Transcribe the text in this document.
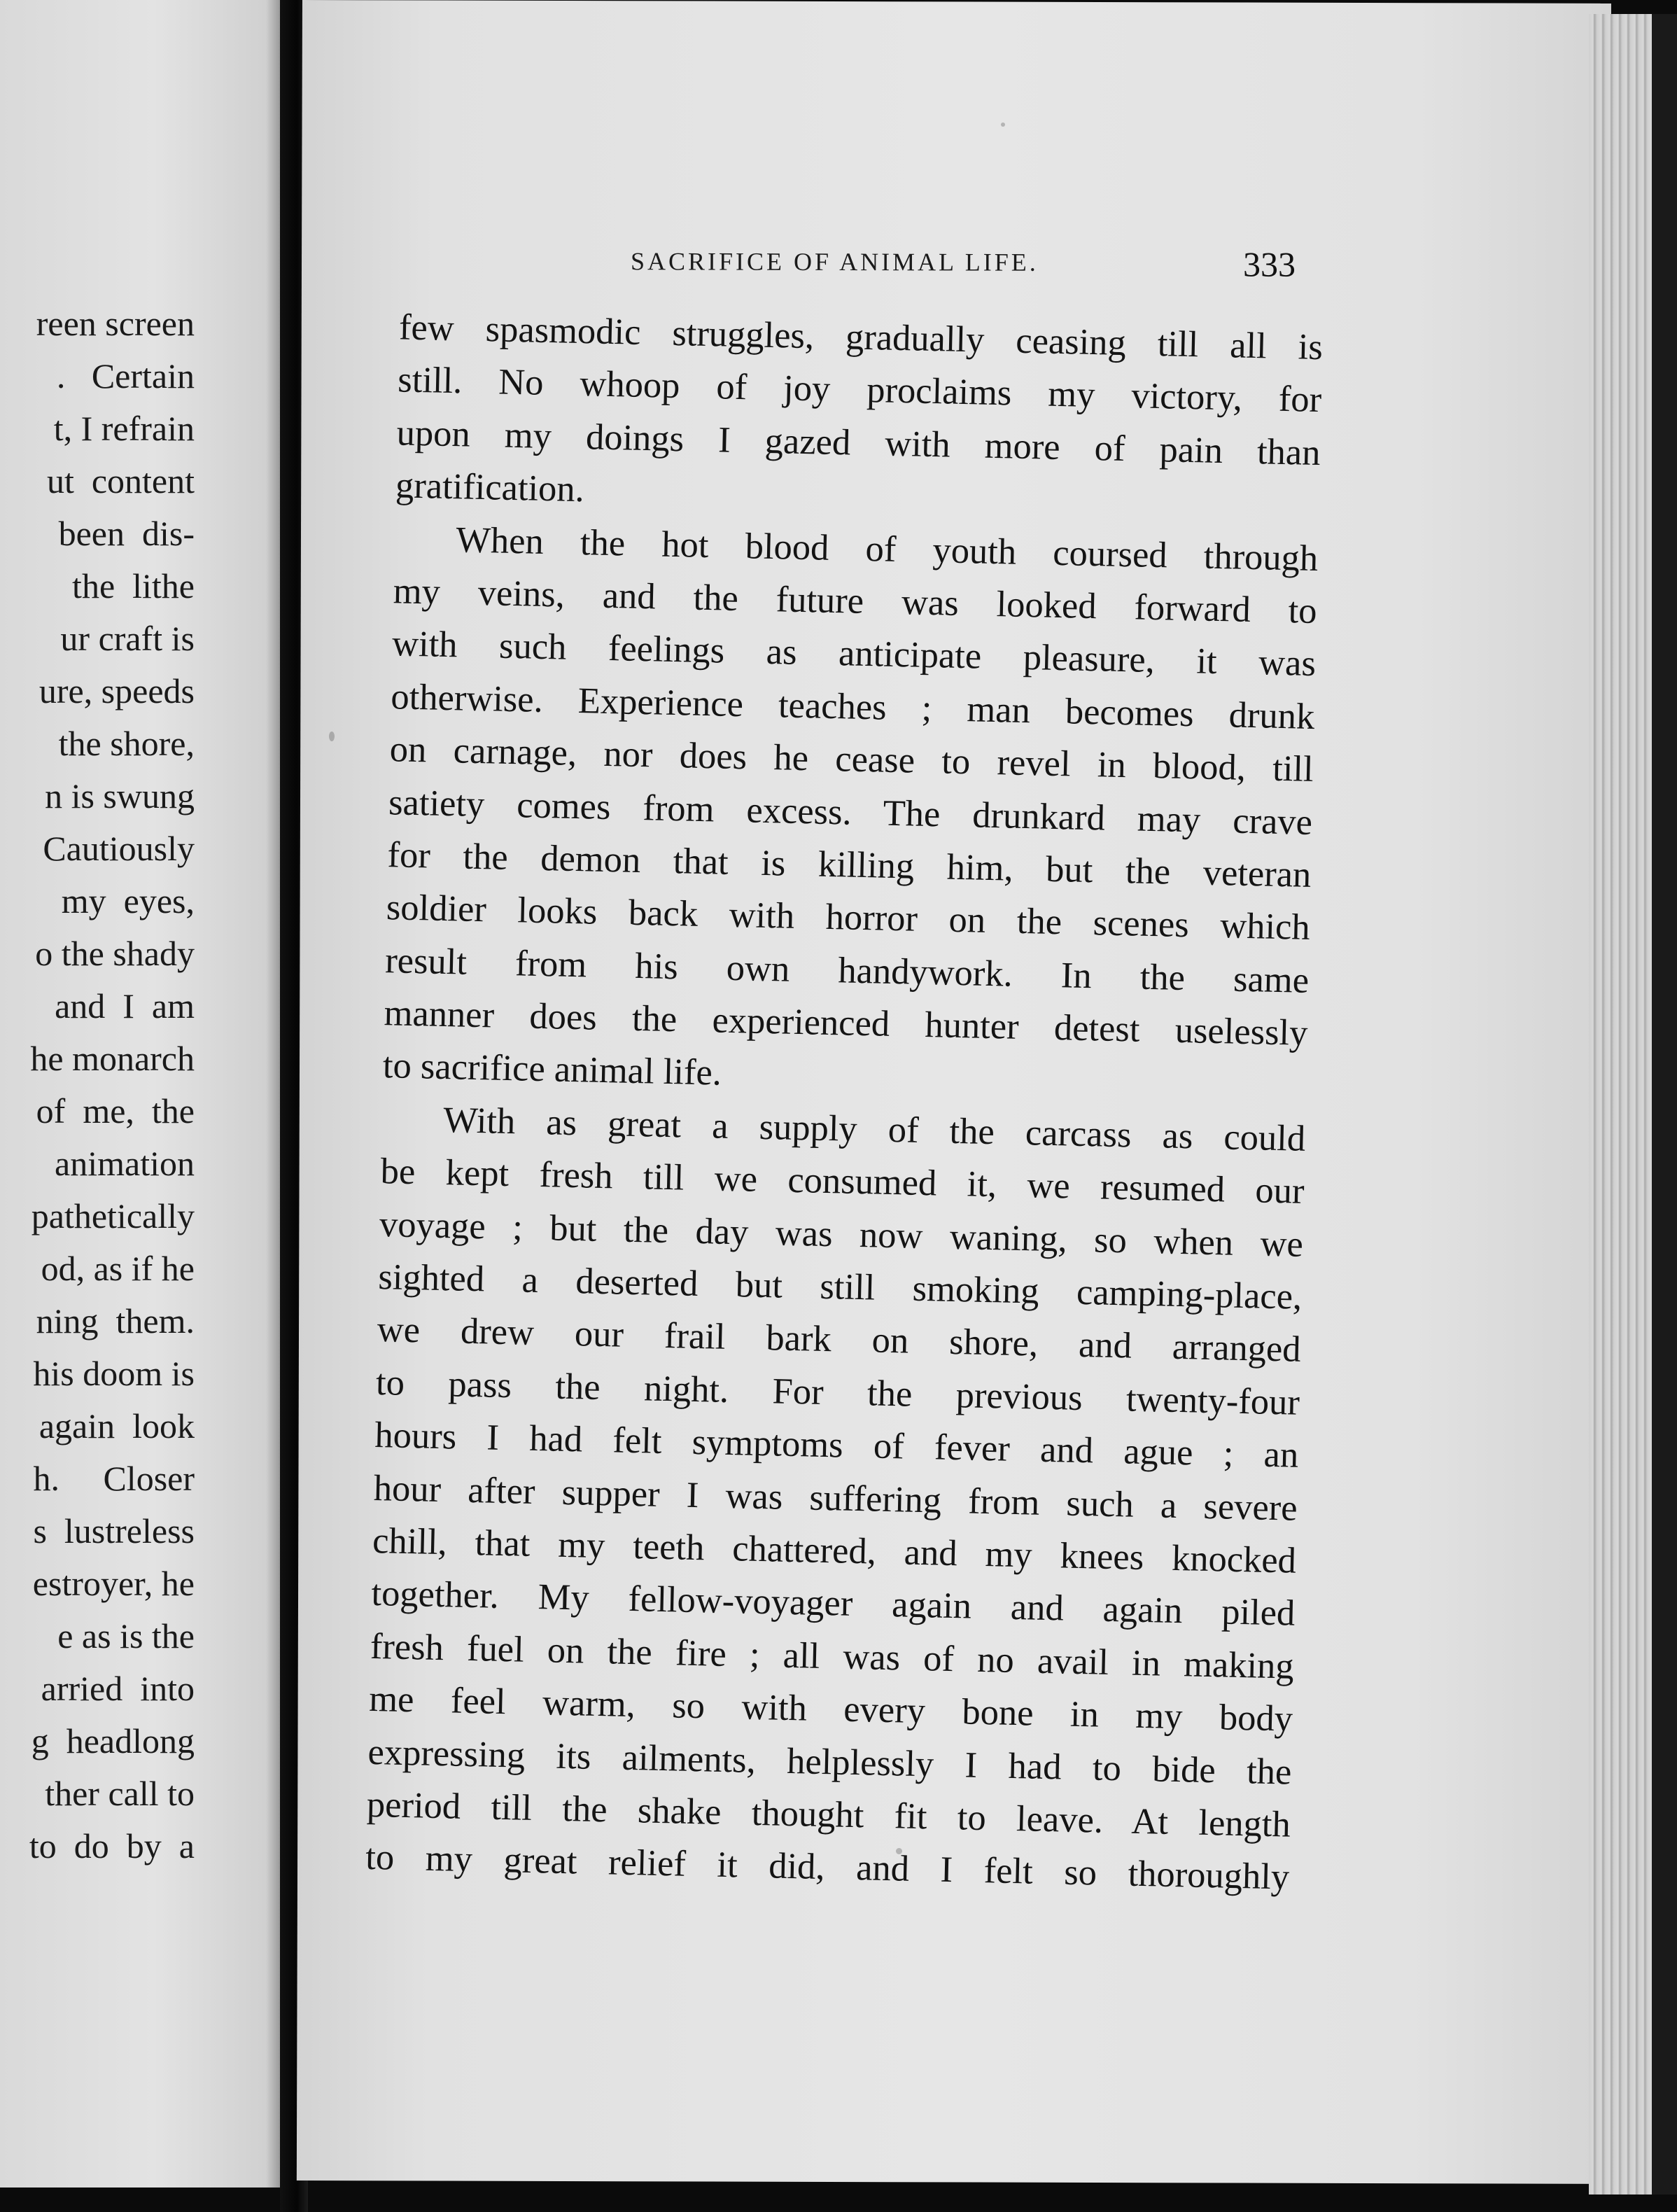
reen screen
.   Certain
t, I refrain
ut  content
been  dis-
the  lithe
ur craft is
ure, speeds
the shore,
n is swung
Cautiously
my  eyes,
o the shady
and  I  am
he monarch
of  me,  the
animation
pathetically
od, as if he
ning  them.
his doom is
again  look
h.     Closer
s  lustreless
estroyer, he
e as is the
arried  into
g  headlong
ther call to
to  do  by  a
SACRIFICE OF ANIMAL LIFE.	333
few spasmodic struggles, gradually ceasing till all is
still. No whoop of joy proclaims my victory, for
upon my doings I gazed with more of pain than
gratification.
When the hot blood of youth coursed through
my veins, and the future was looked forward to
with such feelings as anticipate pleasure, it was
otherwise. Experience teaches ; man becomes drunk
on carnage, nor does he cease to revel in blood, till
satiety comes from excess. The drunkard may crave
for the demon that is killing him, but the veteran
soldier looks back with horror on the scenes which
result from his own handywork. In the same
manner does the experienced hunter detest uselessly
to sacrifice animal life.
With as great a supply of the carcass as could
be kept fresh till we consumed it, we resumed our
voyage ; but the day was now waning, so when we
sighted a deserted but still smoking camping-place,
we drew our frail bark on shore, and arranged
to pass the night. For the previous twenty-four
hours I had felt symptoms of fever and ague ; an
hour after supper I was suffering from such a severe
chill, that my teeth chattered, and my knees knocked
together. My fellow-voyager again and again piled
fresh fuel on the fire ; all was of no avail in making
me feel warm, so with every bone in my body
expressing its ailments, helplessly I had to bide the
period till the shake thought fit to leave. At length
to my great relief it did, and I felt so thoroughly
